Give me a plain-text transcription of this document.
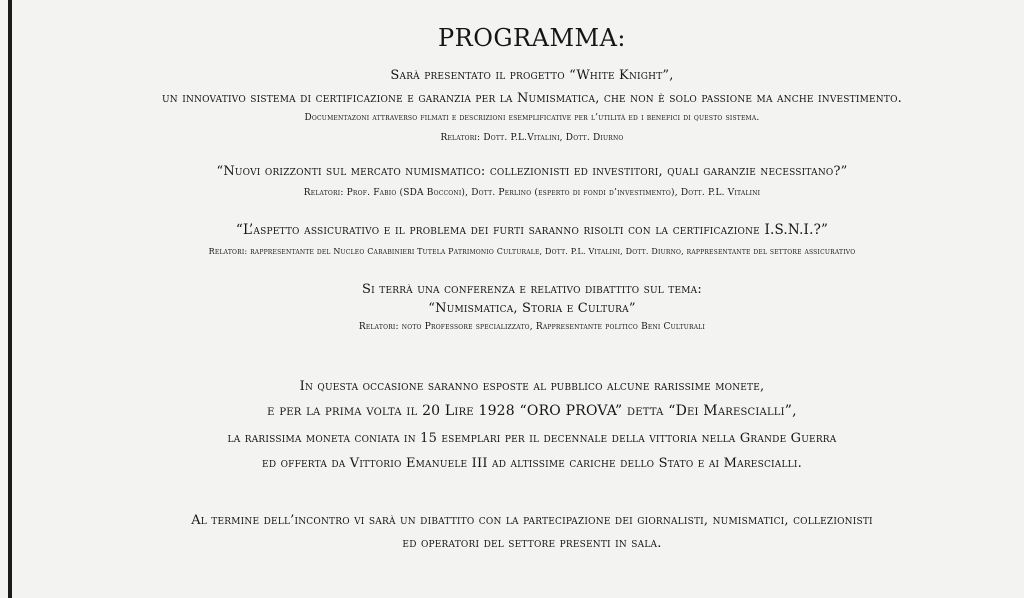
PROGRAMMA:
Sarà presentato il progetto “White Knight”,
un innovativo sistema di certificazione e garanzia per la Numismatica, che non è solo passione ma anche investimento.
Documentazoni attraverso filmati e descrizioni esemplificative per l’utilità ed i benefici di questo sistema.
Relatori: Dott. P.L.Vitalini, Dott. Diurno
“Nuovi orizzonti sul mercato numismatico: collezionisti ed investitori, quali garanzie necessitano?”
Relatori: Prof. Fabio (SDA Bocconi), Dott. Perlino (esperto di fondi d’investimento), Dott. P.L. Vitalini
“L’aspetto assicurativo e il problema dei furti saranno risolti con la certificazione I.S.N.I.?”
Relatori: rappresentante del Nucleo Carabinieri Tutela Patrimonio Culturale, Dott. P.L. Vitalini, Dott. Diurno, rappresentante del settore assicurativo
Si terrà una conferenza e relativo dibattito sul tema:
“Numismatica, Storia e Cultura”
Relatori: noto Professore specializzato, Rappresentante politico Beni Culturali
In questa occasione saranno esposte al pubblico alcune rarissime monete,
e per la prima volta il 20 Lire 1928 “ORO PROVA” detta “Dei Marescialli”,
la rarissima moneta coniata in 15 esemplari per il decennale della vittoria nella Grande Guerra
ed offerta da Vittorio Emanuele III ad altissime cariche dello Stato e ai Marescialli.
Al termine dell’incontro vi sarà un dibattito con la partecipazione dei giornalisti, numismatici, collezionisti
ed operatori del settore presenti in sala.
